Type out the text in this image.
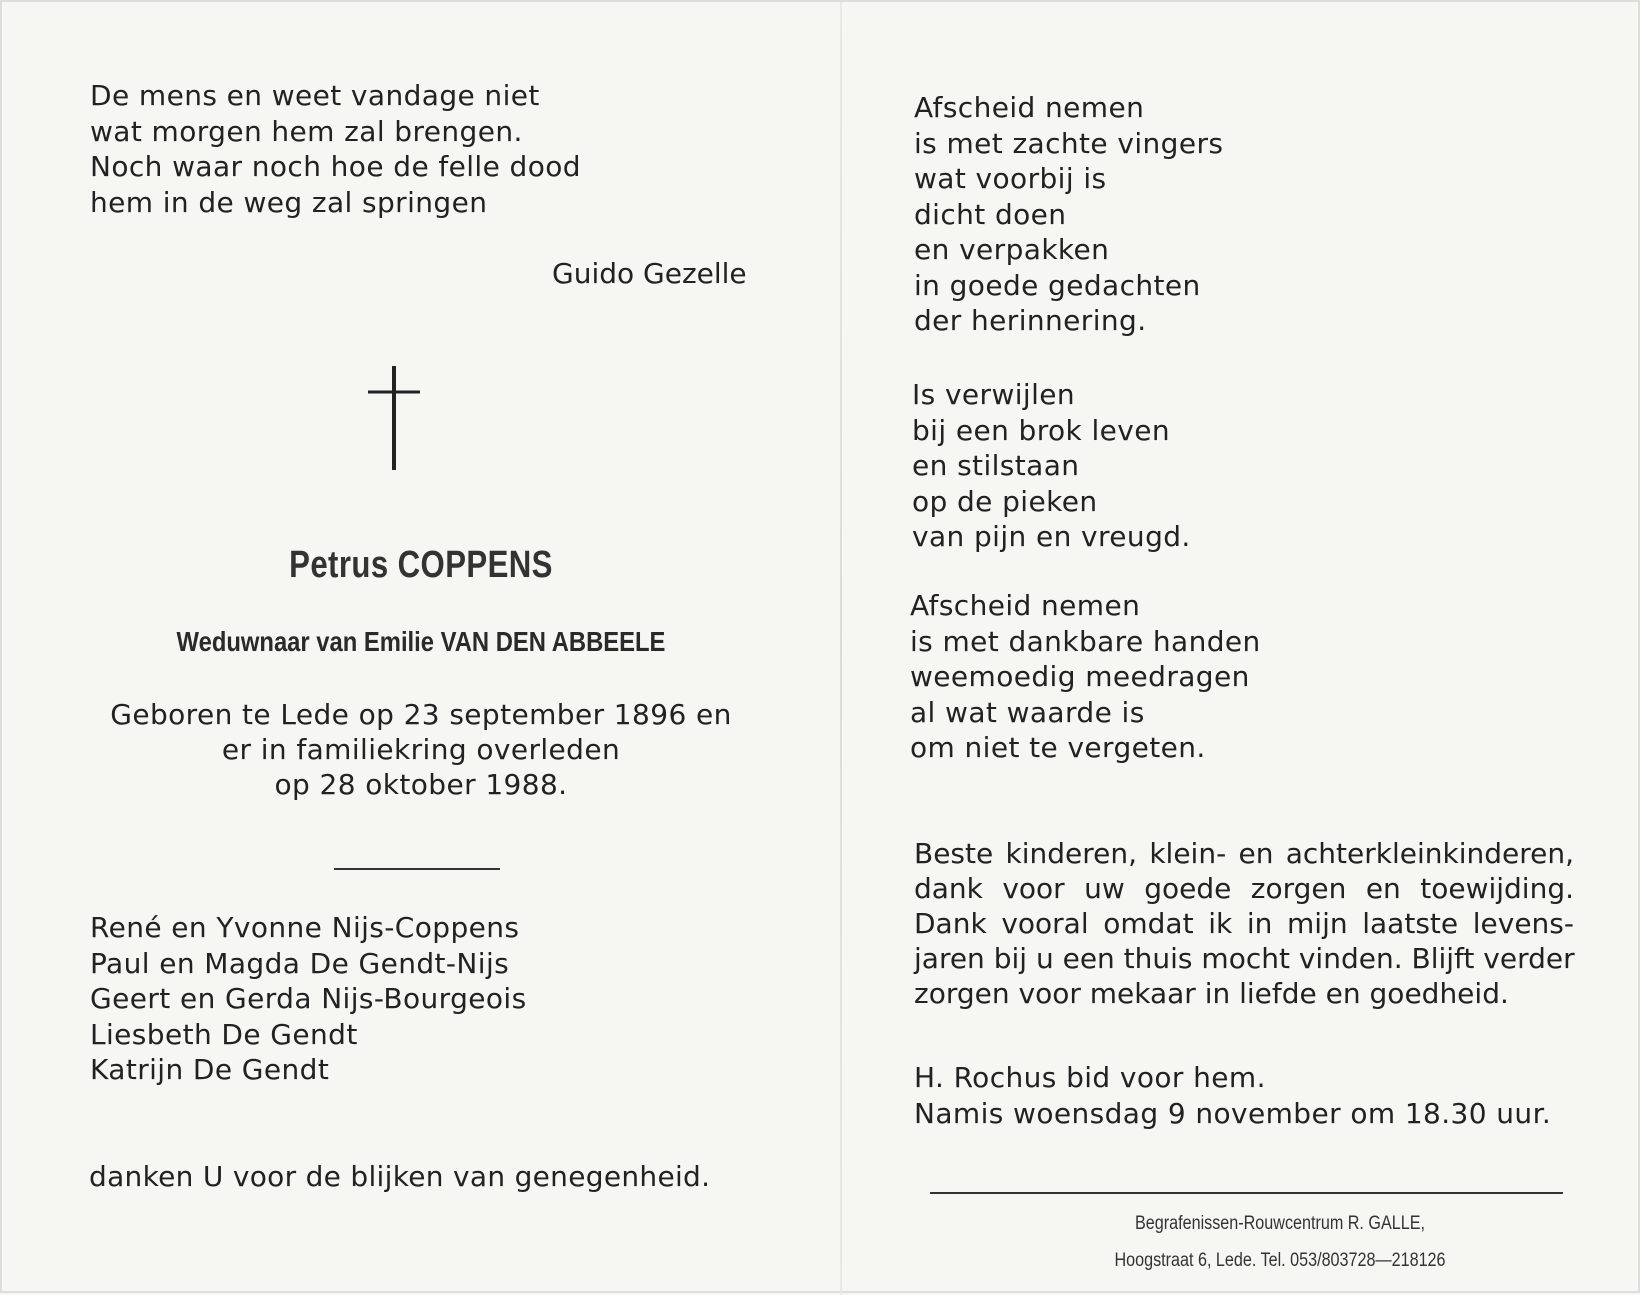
De mens en weet vandage niet
wat morgen hem zal brengen.
Noch waar noch hoe de felle dood
hem in de weg zal springen
Guido Gezelle
Petrus COPPENS
Weduwnaar van Emilie VAN DEN ABBEELE
Geboren te Lede op 23 september 1896 en
er in familiekring overleden
op 28 oktober 1988.
René en Yvonne Nijs-Coppens
Paul en Magda De Gendt-Nijs
Geert en Gerda Nijs-Bourgeois
Liesbeth De Gendt
Katrijn De Gendt
danken U voor de blijken van genegenheid.
Afscheid nemen
is met zachte vingers
wat voorbij is
dicht doen
en verpakken
in goede gedachten
der herinnering.
Is verwijlen
bij een brok leven
en stilstaan
op de pieken
van pijn en vreugd.
Afscheid nemen
is met dankbare handen
weemoedig meedragen
al wat waarde is
om niet te vergeten.
Beste kinderen, klein- en achterkleinkinderen,
dank voor uw goede zorgen en toewijding.
Dank vooral omdat ik in mijn laatste levens-
jaren bij u een thuis mocht vinden. Blijft verder
zorgen voor mekaar in liefde en goedheid.
H. Rochus bid voor hem.
Namis woensdag 9 november om 18.30 uur.
Begrafenissen-Rouwcentrum R. GALLE,
Hoogstraat 6, Lede. Tel. 053/803728—218126
